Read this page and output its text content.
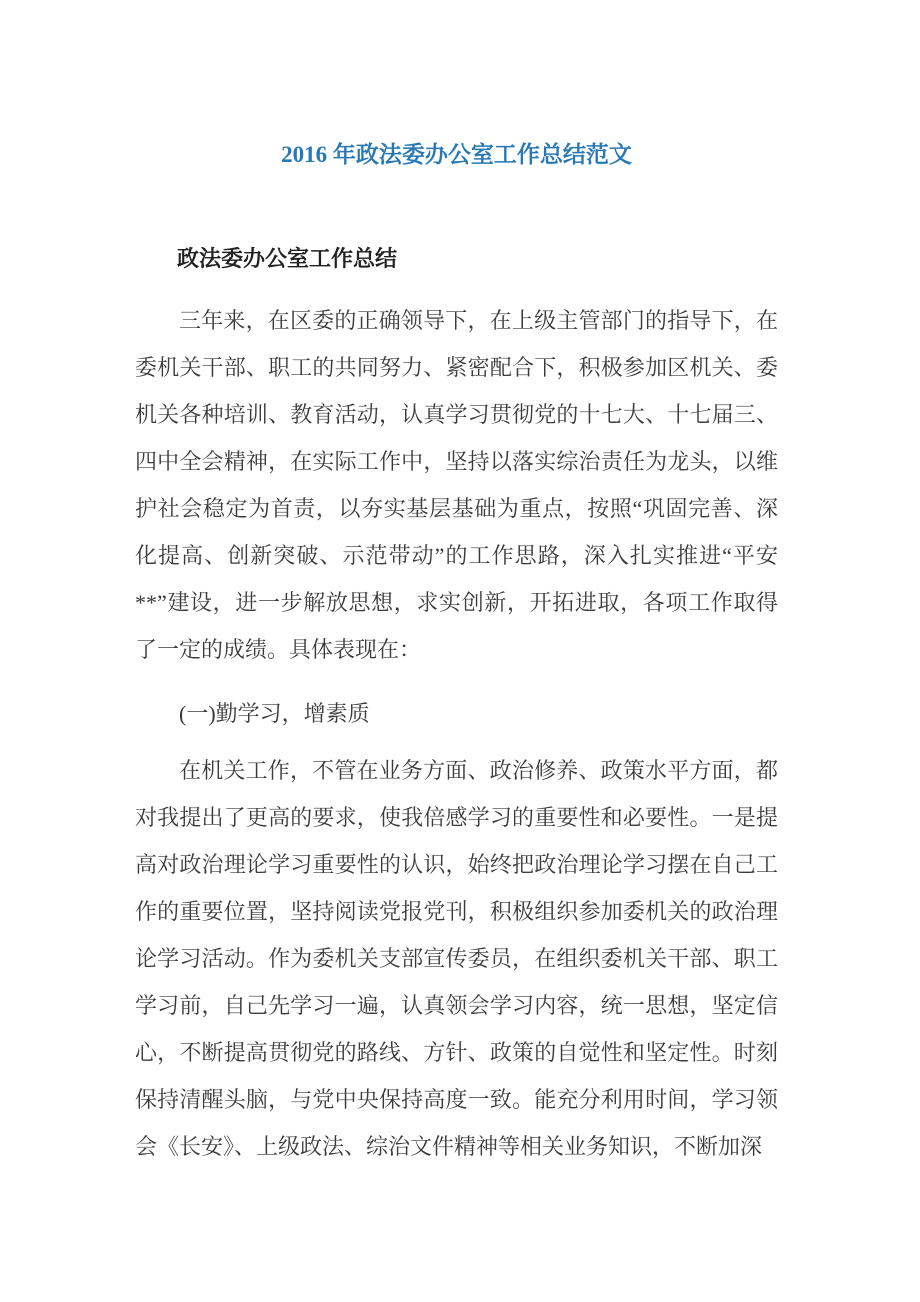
2016 年政法委办公室工作总结范文
政法委办公室工作总结

三年来，在区委的正确领导下，在上级主管部门的指导下，在委机关干部、职工的共同努力、紧密配合下，积极参加区机关、委机关各种培训、教育活动，认真学习贯彻党的十七大、十七届三、四中全会精神，在实际工作中，坚持以落实综治责任为龙头，以维护社会稳定为首责，以夯实基层基础为重点，按照“巩固完善、深化提高、创新突破、示范带动”的工作思路，深入扎实推进“平安**”建设，进一步解放思想，求实创新，开拓进取，各项工作取得了一定的成绩。具体表现在：

(一)勤学习，增素质

在机关工作，不管在业务方面、政治修养、政策水平方面，都对我提出了更高的要求，使我倍感学习的重要性和必要性。一是提高对政治理论学习重要性的认识，始终把政治理论学习摆在自己工作的重要位置，坚持阅读党报党刊，积极组织参加委机关的政治理论学习活动。作为委机关支部宣传委员，在组织委机关干部、职工学习前，自己先学习一遍，认真领会学习内容，统一思想，坚定信心，不断提高贯彻党的路线、方针、政策的自觉性和坚定性。时刻保持清醒头脑，与党中央保持高度一致。能充分利用时间，学习领会《长安》、上级政法、综治文件精神等相关业务知识，不断加深
